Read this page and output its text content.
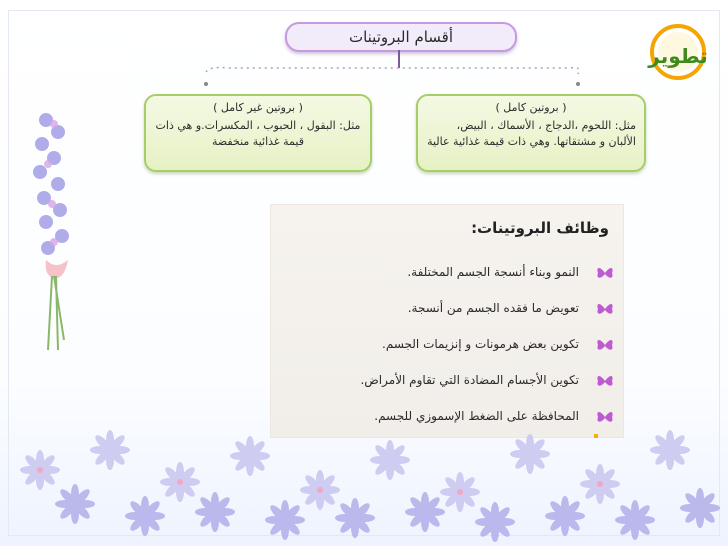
تطوير
أقسام البروتينات
( بروتين غير كامل )
مثل: البقول ، الحبوب ، المكسرات.و هي ذات قيمة غذائية منخفضة
( بروتين كامل )
مثل: اللحوم ،الدجاج ، الأسماك ، البيض، الألبان و مشتقاتها. وهي ذات قيمة غذائية عالية
وظائف البروتينات:
النمو وبناء أنسجة الجسم المختلفة.
تعويض ما فقده الجسم من أنسجة.
تكوين بعض هرمونات و إنزيمات الجسم.
تكوين الأجسام المضادة التي تقاوم الأمراض.
المحافظة على الضغط الإسموزي للجسم.
